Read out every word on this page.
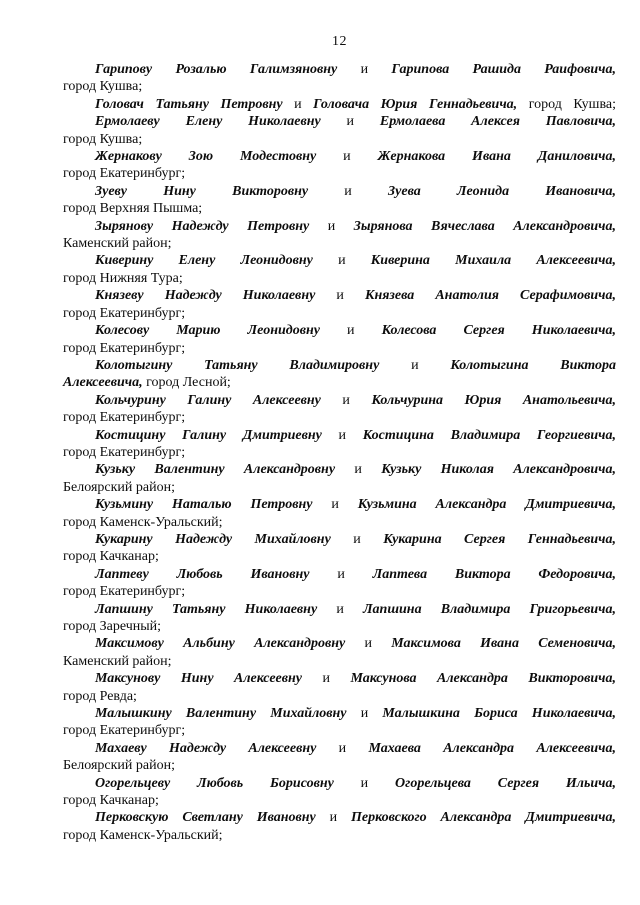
12
Гарипову Розалью Галимзяновну и Гарипова Рашида Раифовича,
город Кушва;
Головач Татьяну Петровну и Головача Юрия Геннадьевича, город Кушва;
Ермолаеву Елену Николаевну и Ермолаева Алексея Павловича,
город Кушва;
Жернакову Зою Модестовну и Жернакова Ивана Даниловича,
город Екатеринбург;
Зуеву Нину Викторовну и Зуева Леонида Ивановича,
город Верхняя Пышма;
Зырянову Надежду Петровну и Зырянова Вячеслава Александровича,
Каменский район;
Киверину Елену Леонидовну и Киверина Михаила Алексеевича,
город Нижняя Тура;
Князеву Надежду Николаевну и Князева Анатолия Серафимовича,
город Екатеринбург;
Колесову Марию Леонидовну и Колесова Сергея Николаевича,
город Екатеринбург;
Колотыгину Татьяну Владимировну и Колотыгина Виктора
Алексеевича, город Лесной;
Кольчурину Галину Алексеевну и Кольчурина Юрия Анатольевича,
город Екатеринбург;
Костицину Галину Дмитриевну и Костицина Владимира Георгиевича,
город Екатеринбург;
Кузьку Валентину Александровну и Кузьку Николая Александровича,
Белоярский район;
Кузьмину Наталью Петровну и Кузьмина Александра Дмитриевича,
город Каменск-Уральский;
Кукарину Надежду Михайловну и Кукарина Сергея Геннадьевича,
город Качканар;
Лаптеву Любовь Ивановну и Лаптева Виктора Федоровича,
город Екатеринбург;
Лапшину Татьяну Николаевну и Лапшина Владимира Григорьевича,
город Заречный;
Максимову Альбину Александровну и Максимова Ивана Семеновича,
Каменский район;
Максунову Нину Алексеевну и Максунова Александра Викторовича,
город Ревда;
Малышкину Валентину Михайловну и Малышкина Бориса Николаевича,
город Екатеринбург;
Махаеву Надежду Алексеевну и Махаева Александра Алексеевича,
Белоярский район;
Огорельцеву Любовь Борисовну и Огорельцева Сергея Ильича,
город Качканар;
Перковскую Светлану Ивановну и Перковского Александра Дмитриевича,
город Каменск-Уральский;
